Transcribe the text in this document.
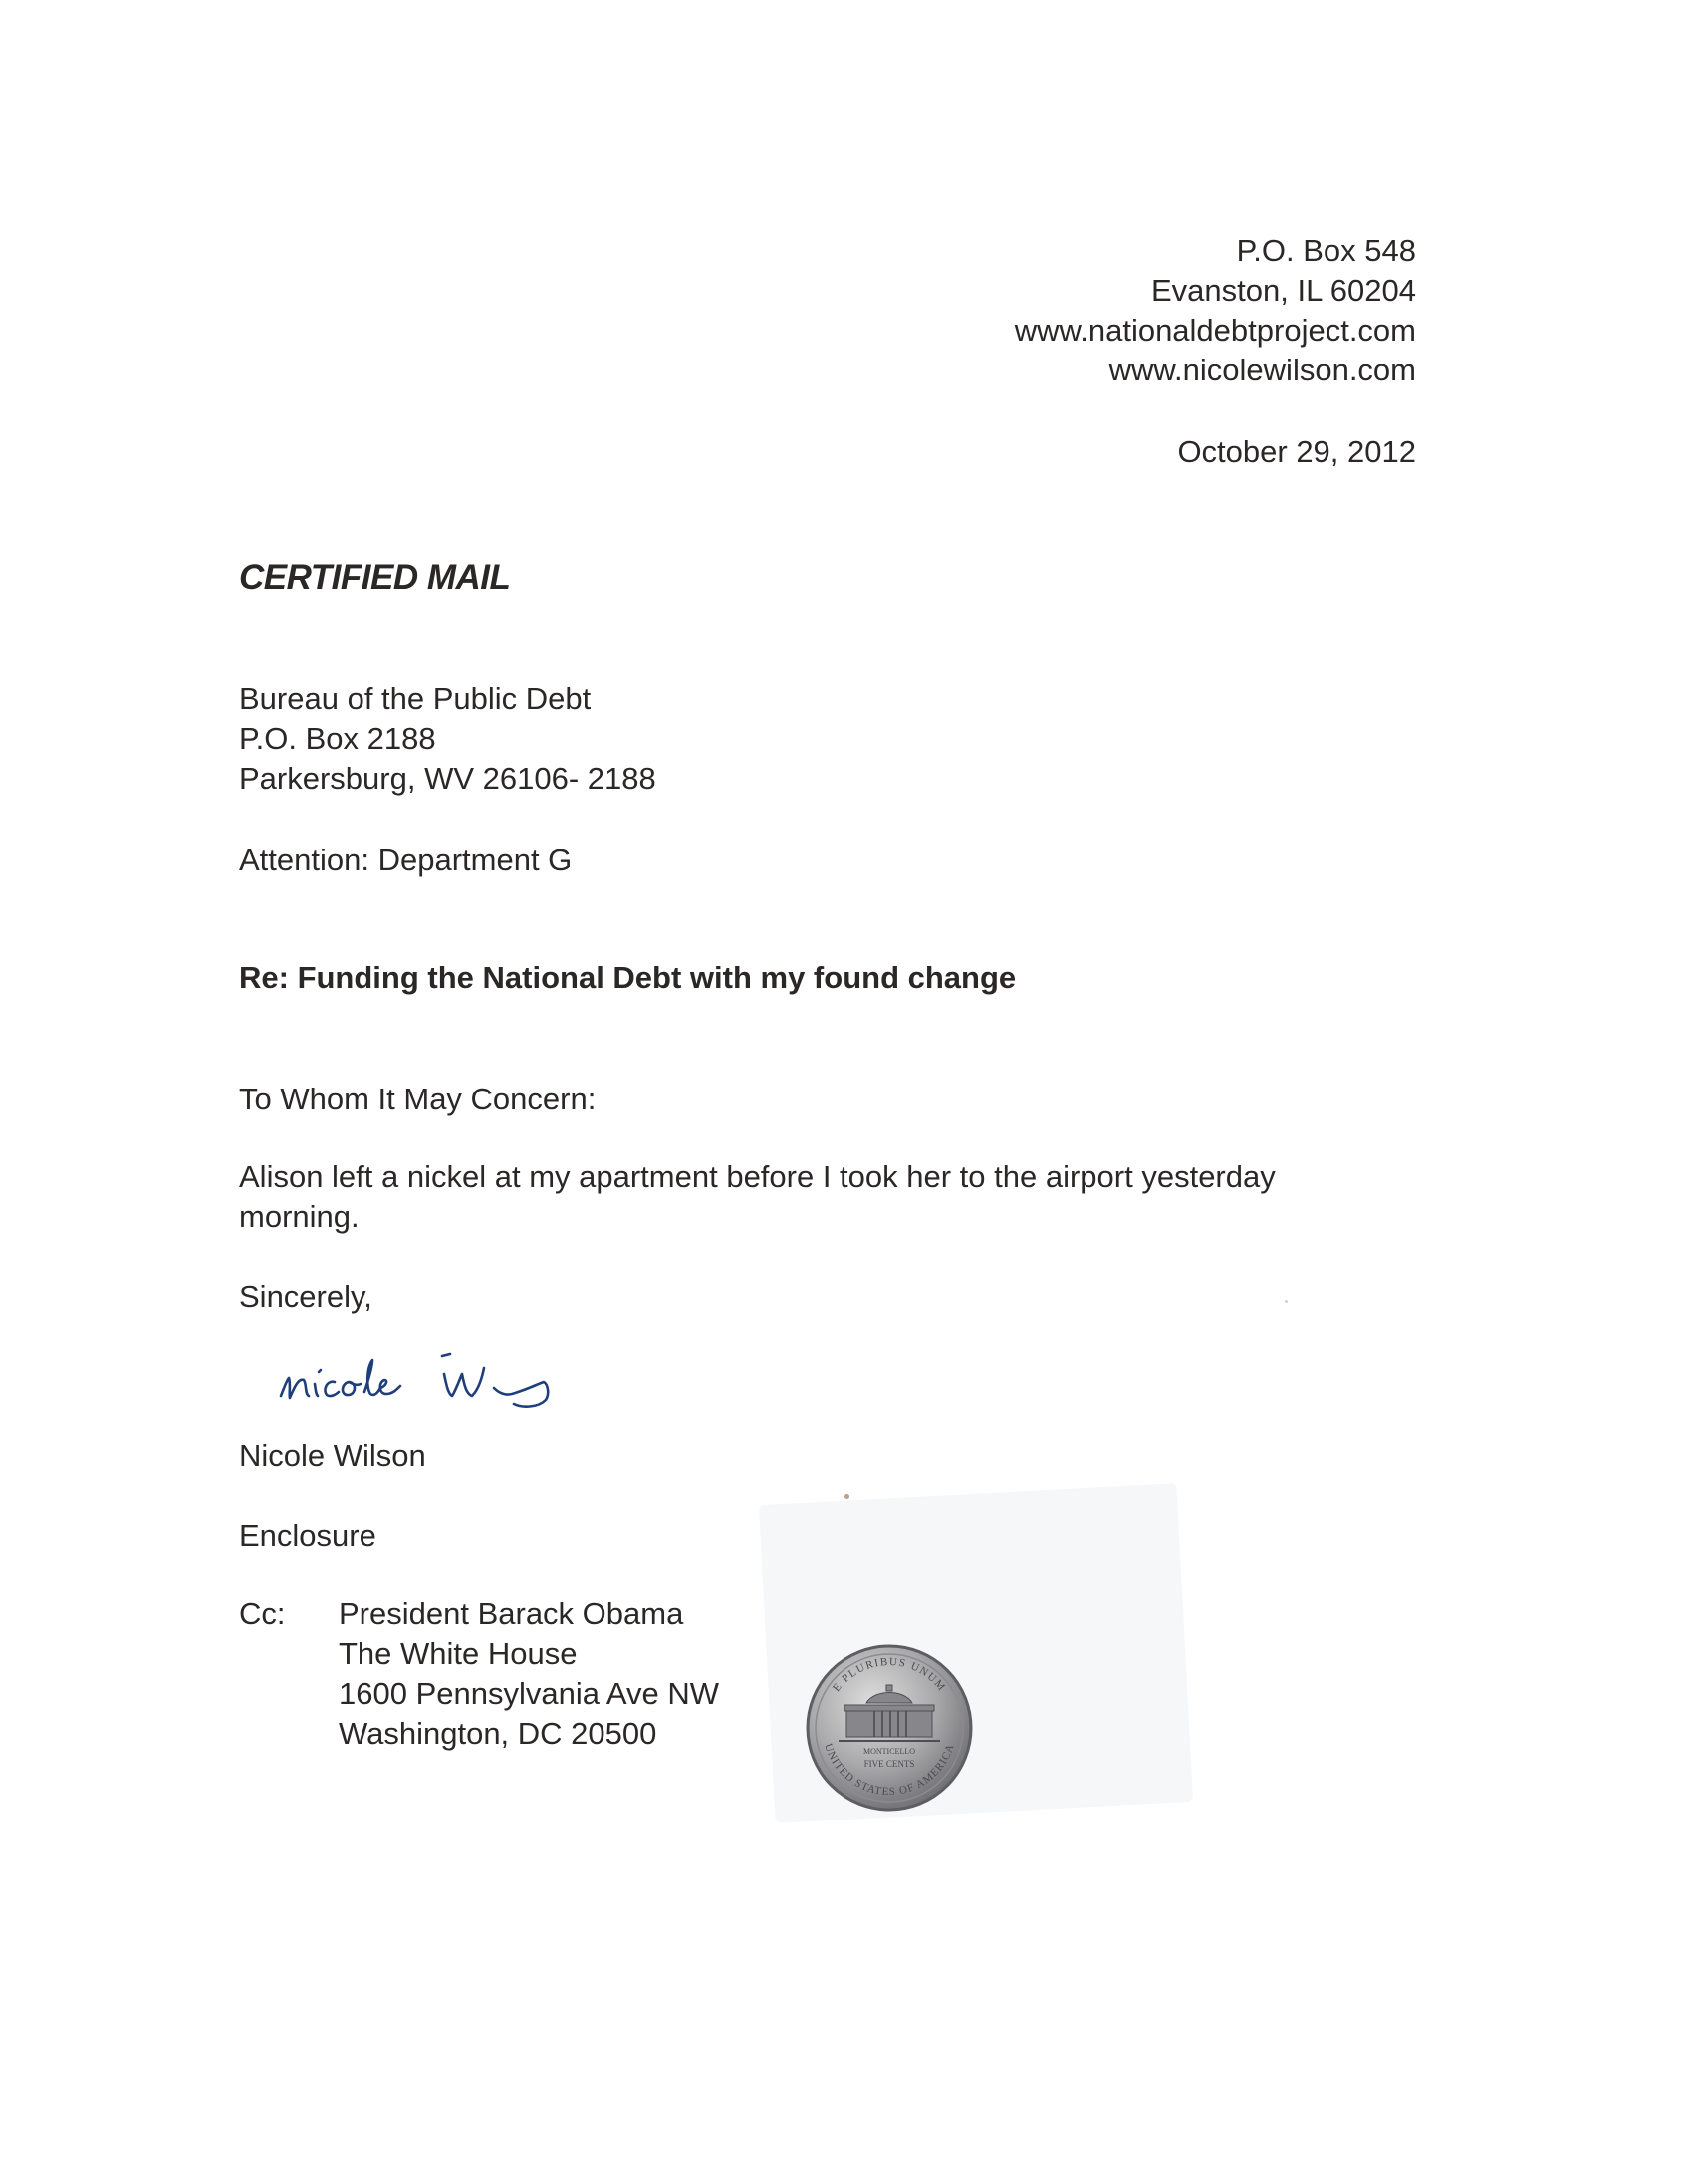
P.O. Box 548
Evanston, IL 60204
www.nationaldebtproject.com
www.nicolewilson.com
October 29, 2012
CERTIFIED MAIL
Bureau of the Public Debt
P.O. Box 2188
Parkersburg, WV 26106- 2188
Attention: Department G
Re: Funding the National Debt with my found change
To Whom It May Concern:
Alison left a nickel at my apartment before I took her to the airport yesterday morning.
Sincerely,
Nicole Wilson
Enclosure
Cc: President Barack Obama
The White House
1600 Pennsylvania Ave NW
Washington, DC 20500
E PLURIBUS UNUM
MONTICELLO
FIVE CENTS
UNITED STATES OF AMERICA
